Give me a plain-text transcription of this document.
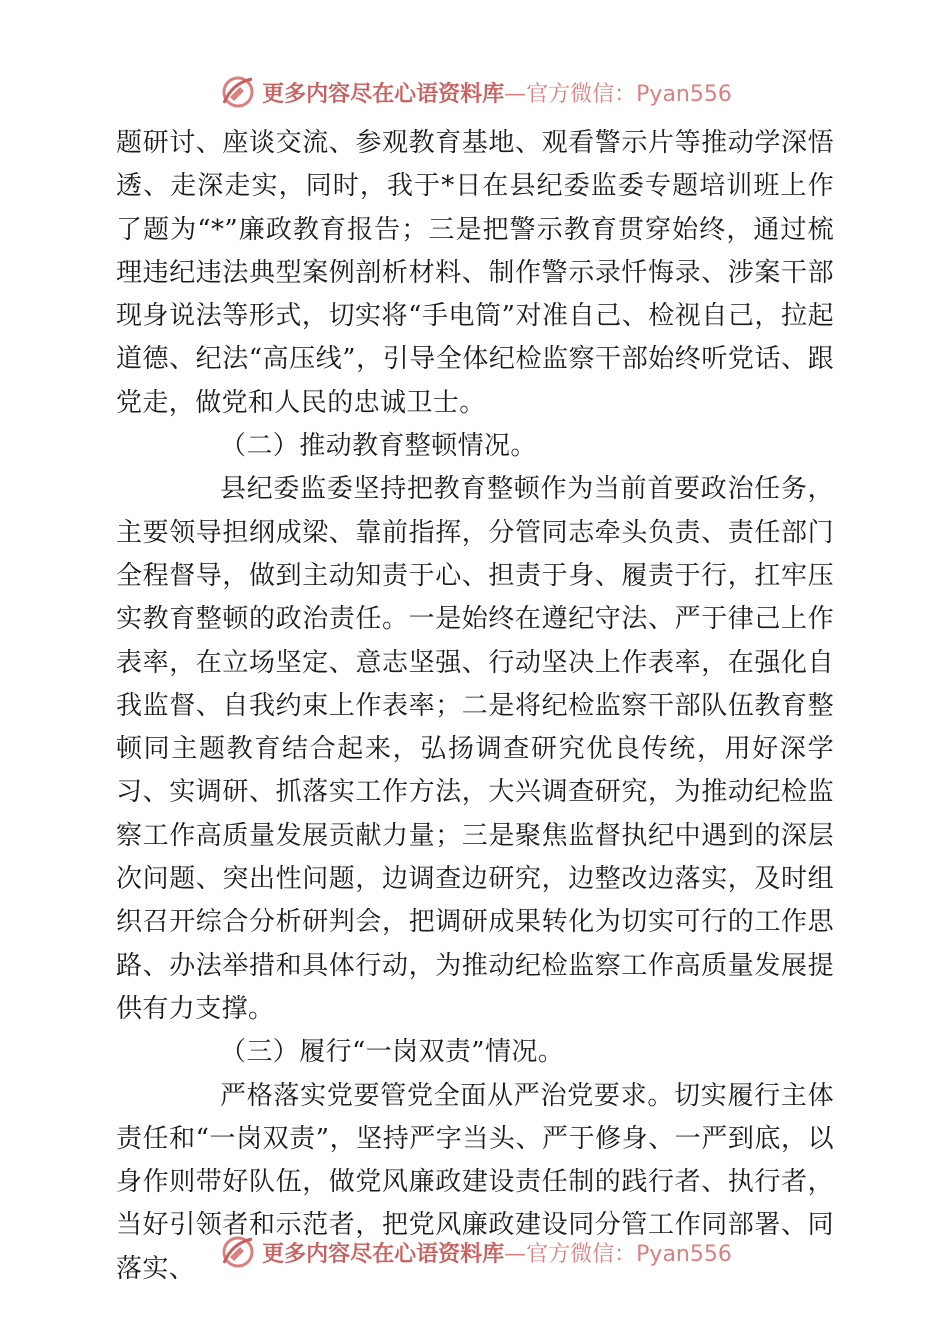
更多内容尽在心语资料库—官方微信：Pyan556

题研讨、座谈交流、参观教育基地、观看警示片等推动学深悟透、走深走实，同时，我于*日在县纪委监委专题培训班上作了题为“*”廉政教育报告；三是把警示教育贯穿始终，通过梳理违纪违法典型案例剖析材料、制作警示录忏悔录、涉案干部现身说法等形式，切实将“手电筒”对准自己、检视自己，拉起道德、纪法“高压线”，引导全体纪检监察干部始终听党话、跟党走，做党和人民的忠诚卫士。

（二）推动教育整顿情况。

县纪委监委坚持把教育整顿作为当前首要政治任务，主要领导担纲成梁、靠前指挥，分管同志牵头负责、责任部门全程督导，做到主动知责于心、担责于身、履责于行，扛牢压实教育整顿的政治责任。一是始终在遵纪守法、严于律己上作表率，在立场坚定、意志坚强、行动坚决上作表率，在强化自我监督、自我约束上作表率；二是将纪检监察干部队伍教育整顿同主题教育结合起来，弘扬调查研究优良传统，用好深学习、实调研、抓落实工作方法，大兴调查研究，为推动纪检监察工作高质量发展贡献力量；三是聚焦监督执纪中遇到的深层次问题、突出性问题，边调查边研究，边整改边落实，及时组织召开综合分析研判会，把调研成果转化为切实可行的工作思路、办法举措和具体行动，为推动纪检监察工作高质量发展提供有力支撑。

（三）履行“一岗双责”情况。

严格落实党要管党全面从严治党要求。切实履行主体责任和“一岗双责”，坚持严字当头、严于修身、一严到底，以身作则带好队伍，做党风廉政建设责任制的践行者、执行者，当好引领者和示范者，把党风廉政建设同分管工作同部署、同落实、	更多内容尽在心语资料库—官方微信：Pyan556
